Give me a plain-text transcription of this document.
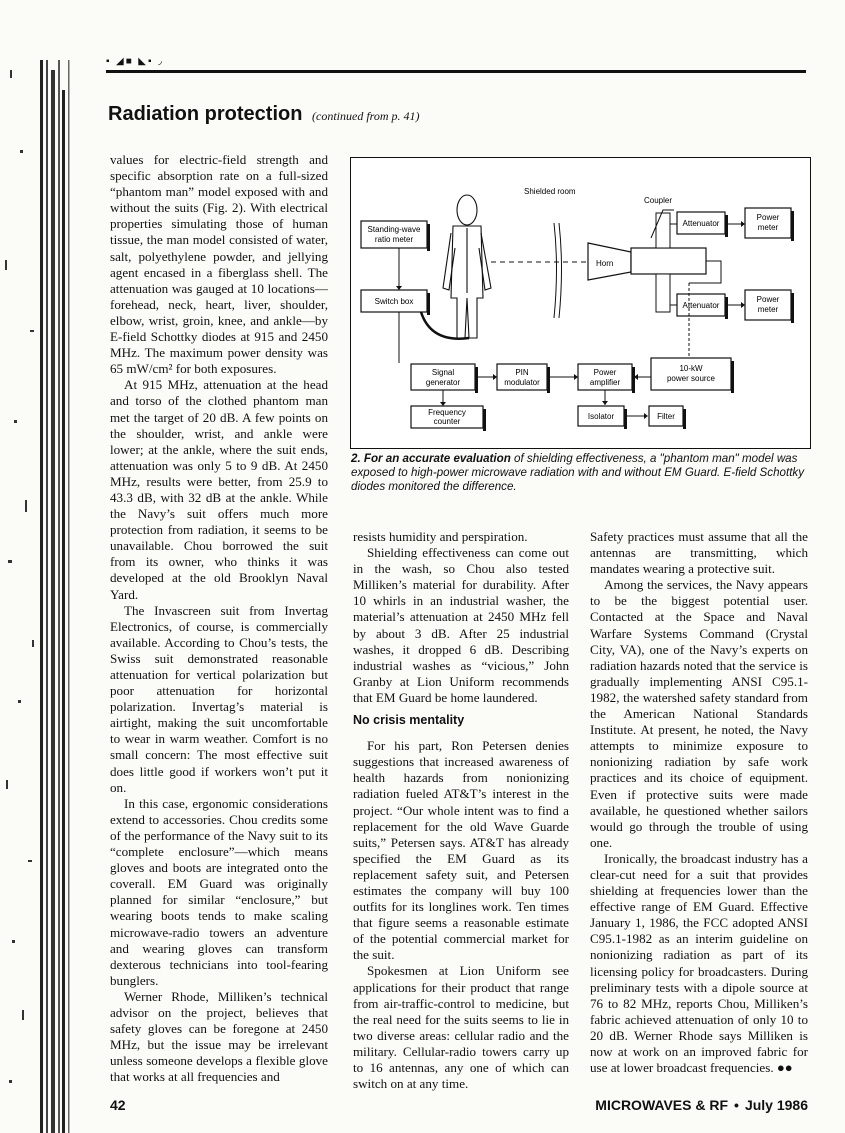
▪ ◢■ ◣▪ ◞
Radiation protection (continued from p. 41)

values for electric-field strength and specific absorption rate on a full-sized “phantom man” model exposed with and without the suits (Fig. 2). With electrical properties simulating those of human tissue, the man model consisted of water, salt, polyethylene powder, and jellying agent encased in a fiberglass shell. The attenuation was gauged at 10 locations—forehead, neck, heart, liver, shoulder, elbow, wrist, groin, knee, and ankle—by E-field Schottky diodes at 915 and 2450 MHz. The maximum power density was 65 mW/cm² for both exposures.

At 915 MHz, attenuation at the head and torso of the clothed phantom man met the target of 20 dB. A few points on the shoulder, wrist, and ankle were lower; at the ankle, where the suit ends, attenuation was only 5 to 9 dB. At 2450 MHz, results were better, from 25.9 to 43.3 dB, with 32 dB at the ankle. While the Navy’s suit offers much more protection from radiation, it seems to be unavailable. Chou borrowed the suit from its owner, who thinks it was developed at the old Brooklyn Naval Yard.

The Invascreen suit from Invertag Electronics, of course, is commercially available. According to Chou’s tests, the Swiss suit demonstrated reasonable attenuation for vertical polarization but poor attenuation for horizontal polarization. Invertag’s material is airtight, making the suit uncomfortable to wear in warm weather. Comfort is no small concern: The most effective suit does little good if workers won’t put it on.

In this case, ergonomic considerations extend to accessories. Chou credits some of the performance of the Navy suit to its “complete enclosure”—which means gloves and boots are integrated onto the coverall. EM Guard was originally planned for similar “enclosure,” but wearing boots tends to make scaling microwave-radio towers an adventure and wearing gloves can transform dexterous technicians into tool-fearing bunglers.

Werner Rhode, Milliken’s technical advisor on the project, believes that safety gloves can be foregone at 2450 MHz, but the issue may be irrelevant unless someone develops a flexible glove that works at all frequencies and

Shielded room
Coupler
Standing-wave
ratio meter
Switch box
Horn
Attenuator
Power
meter
Attenuator
Power
meter
Signal
generator
PIN
modulator
Power
amplifier
10-kW
power source
Frequency
counter
Isolator	Filter
2. For an accurate evaluation of shielding effectiveness, a "phantom man" model was exposed to high-power microwave radiation with and without EM Guard. E-field Schottky diodes monitored the difference.

resists humidity and perspiration.

Shielding effectiveness can come out in the wash, so Chou also tested Milliken’s material for durability. After 10 whirls in an industrial washer, the material’s attenuation at 2450 MHz fell by about 3 dB. After 25 industrial washes, it dropped 6 dB. Describing industrial washes as “vicious,” John Granby at Lion Uniform recommends that EM Guard be home laundered.

No crisis mentality

For his part, Ron Petersen denies suggestions that increased awareness of health hazards from nonionizing radiation fueled AT&T’s interest in the project. “Our whole intent was to find a replacement for the old Wave Guarde suits,” Petersen says. AT&T has already specified the EM Guard as its replacement safety suit, and Petersen estimates the company will buy 100 outfits for its longlines work. Ten times that figure seems a reasonable estimate of the potential commercial market for the suit.

Spokesmen at Lion Uniform see applications for their product that range from air-traffic-control to medicine, but the real need for the suits seems to lie in two diverse areas: cellular radio and the military. Cellular-radio towers carry up to 16 antennas, any one of which can switch on at any time.

Safety practices must assume that all the antennas are transmitting, which mandates wearing a protective suit.

Among the services, the Navy appears to be the biggest potential user. Contacted at the Space and Naval Warfare Systems Command (Crystal City, VA), one of the Navy’s experts on radiation hazards noted that the service is gradually implementing ANSI C95.1-1982, the watershed safety standard from the American National Standards Institute. At present, he noted, the Navy attempts to minimize exposure to nonionizing radiation by safe work practices and its choice of equipment. Even if protective suits were made available, he questioned whether sailors would go through the trouble of using one.

Ironically, the broadcast industry has a clear-cut need for a suit that provides shielding at frequencies lower than the effective range of EM Guard. Effective January 1, 1986, the FCC adopted ANSI C95.1-1982 as an interim guideline on nonionizing radiation as part of its licensing policy for broadcasters. During preliminary tests with a dipole source at 76 to 82 MHz, reports Chou, Milliken’s fabric achieved attenuation of only 10 to 20 dB. Werner Rhode says Milliken is now at work on an improved fabric for use at lower broadcast frequencies. ●●

42	MICROWAVES & RF • July 1986
